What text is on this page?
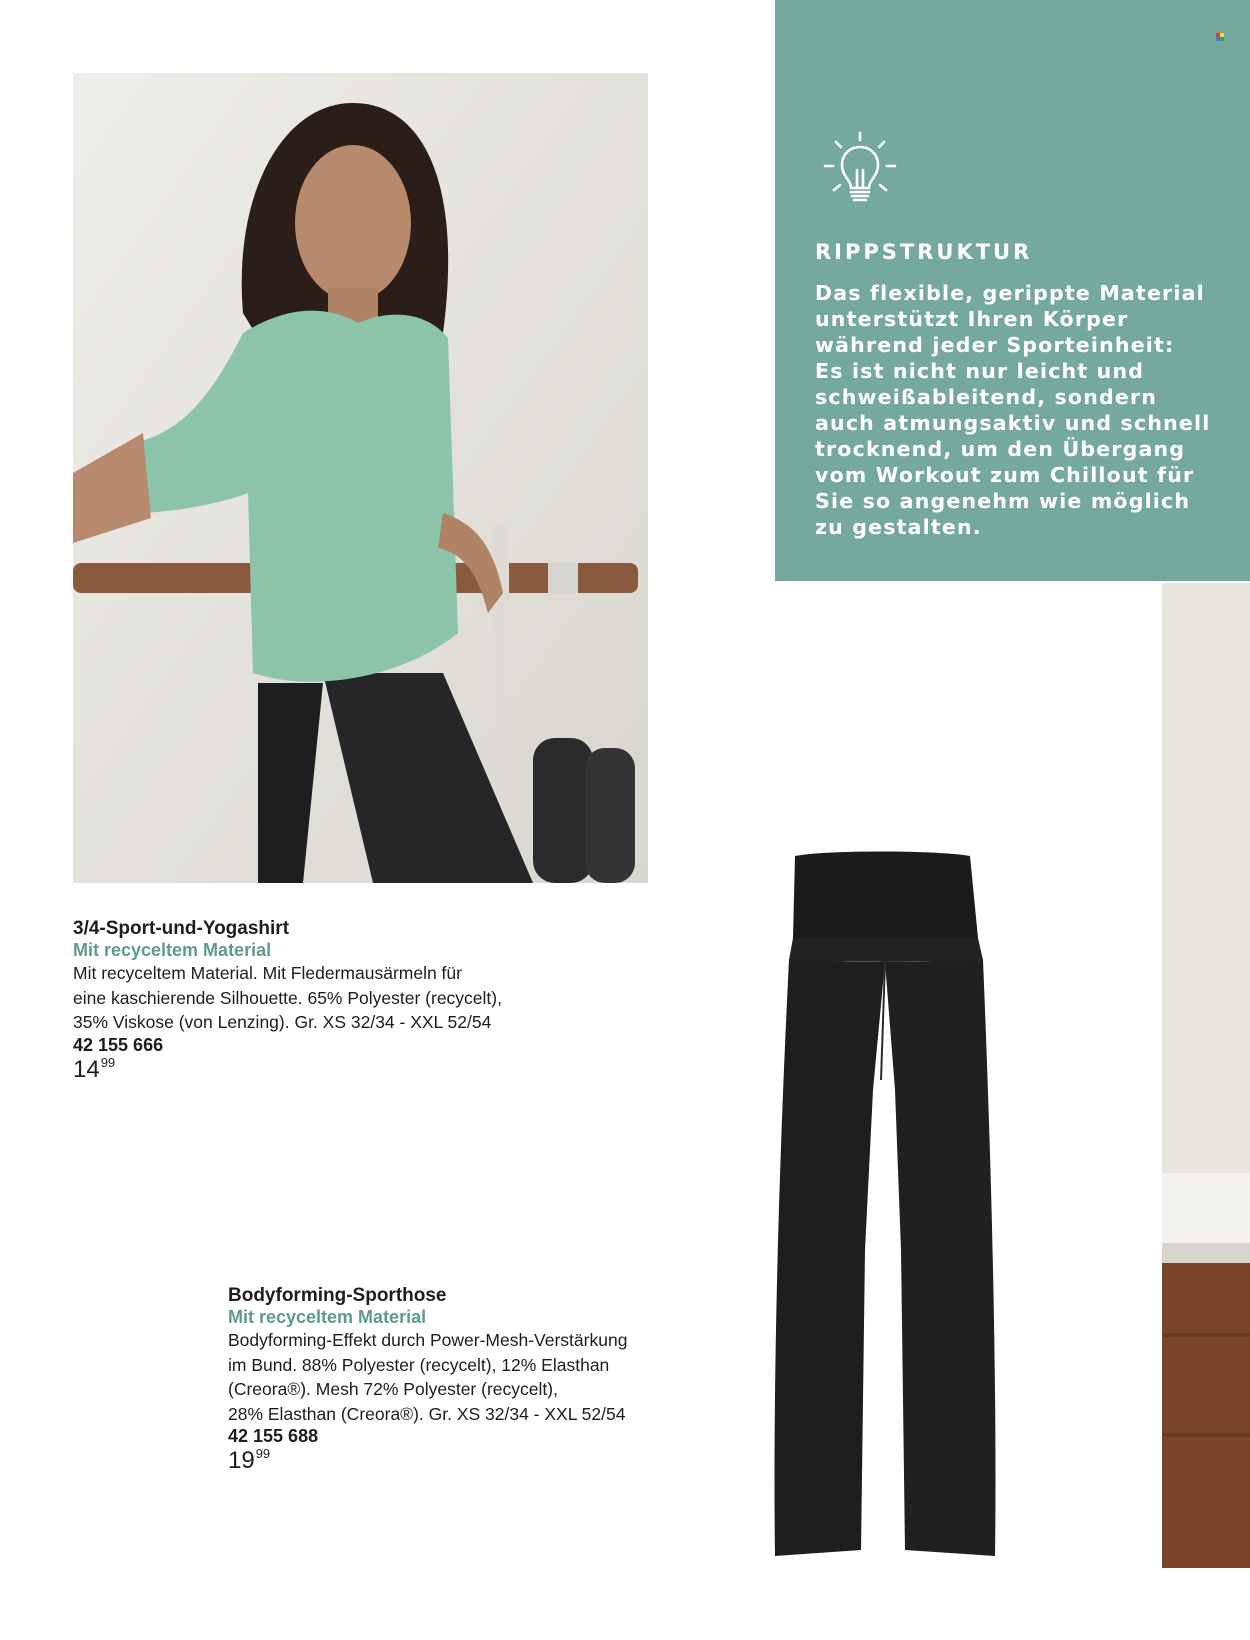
RIPPSTRUKTUR
Das flexible, gerippte Material
unterstützt Ihren Körper
während jeder Sporteinheit:
Es ist nicht nur leicht und
schweißableitend, sondern
auch atmungsaktiv und schnell
trocknend, um den Übergang
vom Workout zum Chillout für
Sie so angenehm wie möglich
zu gestalten.
3/4-Sport-und-Yogashirt
Mit recyceltem Material
Mit recyceltem Material. Mit Fledermausärmeln für
eine kaschierende Silhouette. 65% Polyester (recycelt),
35% Viskose (von Lenzing). Gr. XS 32/34 - XXL 52/54
42 155 666
$14^{99}$
Bodyforming-Sporthose
Mit recyceltem Material
Bodyforming-Effekt durch Power-Mesh-Verstärkung
im Bund. 88% Polyester (recycelt), 12% Elasthan
(Creora®). Mesh 72% Polyester (recycelt),
28% Elasthan (Creora®). Gr. XS 32/34 - XXL 52/54
42 155 688
$19^{99}$
